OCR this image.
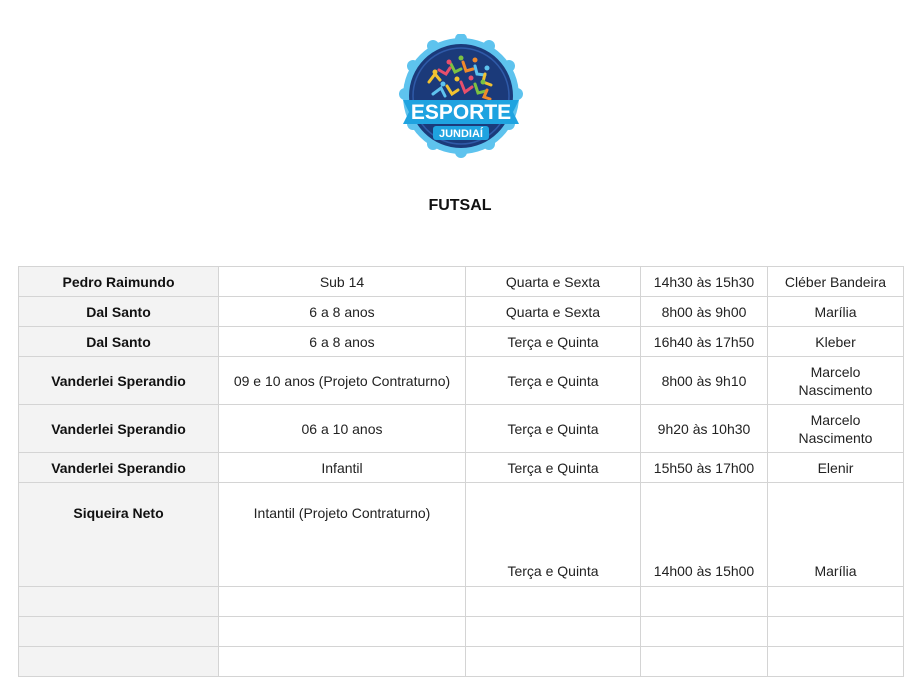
ESPORTE
JUNDIAÍ
FUTSAL
Pedro Raimundo	Sub 14	Quarta e Sexta	14h30 às 15h30	Cléber Bandeira
Dal Santo	6 a 8 anos	Quarta e Sexta	8h00 às 9h00	Marília
Dal Santo	6 a 8 anos	Terça e Quinta	16h40 às 17h50	Kleber
Vanderlei Sperandio	09 e 10 anos (Projeto Contraturno)	Terça e Quinta	8h00 às 9h10	Marcelo Nascimento
Vanderlei Sperandio	06 a 10 anos	Terça e Quinta	9h20 às 10h30	Marcelo Nascimento
Vanderlei Sperandio	Infantil	Terça e Quinta	15h50 às 17h00	Elenir
Siqueira Neto	Intantil (Projeto Contraturno)	Terça e Quinta	14h00 às 15h00	Marília
